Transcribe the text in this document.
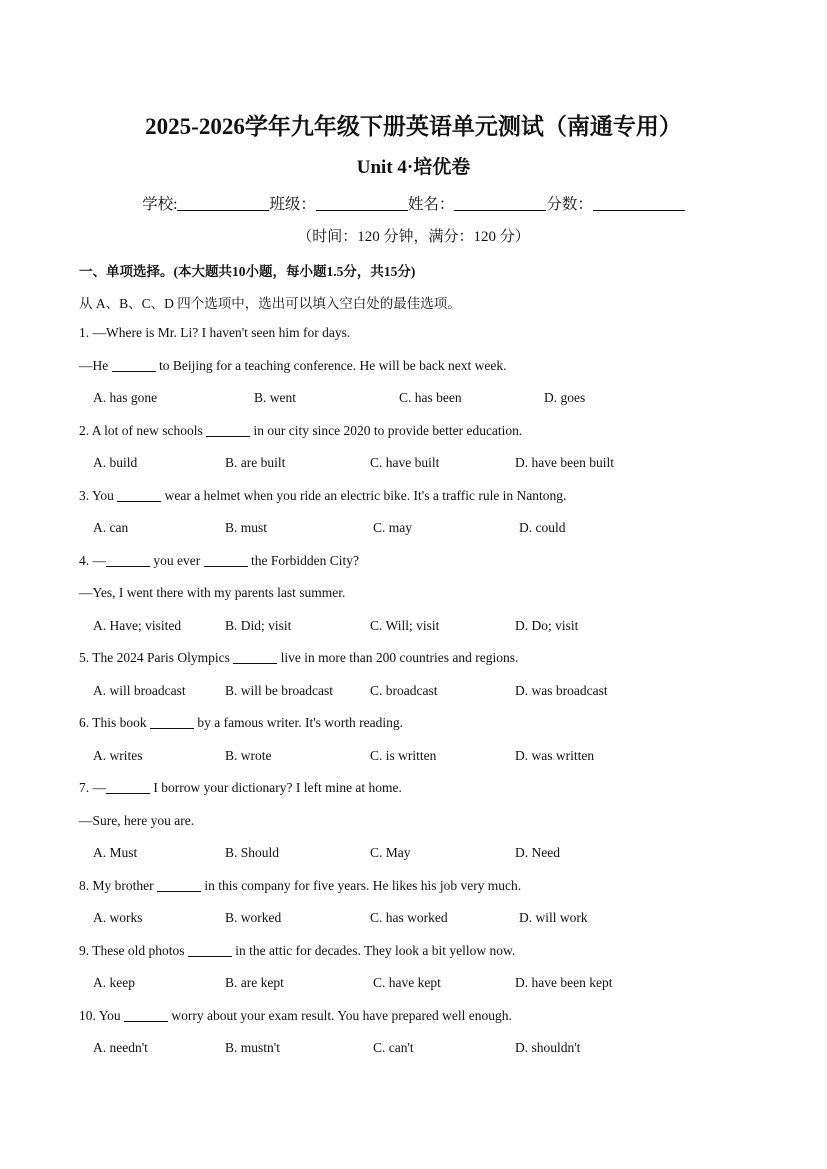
2025-2026学年九年级下册英语单元测试（南通专用）
Unit 4·培优卷
学校:	班级：	姓名：	分数：
（时间：120 分钟，满分：120 分）
一、单项选择。(本大题共10小题，每小题1.5分，共15分)
从 A、B、C、D 四个选项中，选出可以填入空白处的最佳选项。
1. —Where is Mr. Li? I haven't seen him for days.
—He	to Beijing for a teaching conference. He will be back next week.
A. has gone	B. went	C. has been	D. goes
2. A lot of new schools	in our city since 2020 to provide better education.
A. build	B. are built	C. have built	D. have been built
3. You	wear a helmet when you ride an electric bike. It's a traffic rule in Nantong.
A. can	B. must	C. may	D. could
4. —	you ever	the Forbidden City?
—Yes, I went there with my parents last summer.
A. Have; visited	B. Did; visit	C. Will; visit	D. Do; visit
5. The 2024 Paris Olympics	live in more than 200 countries and regions.
A. will broadcast	B. will be broadcast	C. broadcast	D. was broadcast
6. This book	by a famous writer. It's worth reading.
A. writes	B. wrote	C. is written	D. was written
7. —	I borrow your dictionary? I left mine at home.
—Sure, here you are.
A. Must	B. Should	C. May	D. Need
8. My brother	in this company for five years. He likes his job very much.
A. works	B. worked	C. has worked	D. will work
9. These old photos	in the attic for decades. They look a bit yellow now.
A. keep	B. are kept	C. have kept	D. have been kept
10. You	worry about your exam result. You have prepared well enough.
A. needn't	B. mustn't	C. can't	D. shouldn't
